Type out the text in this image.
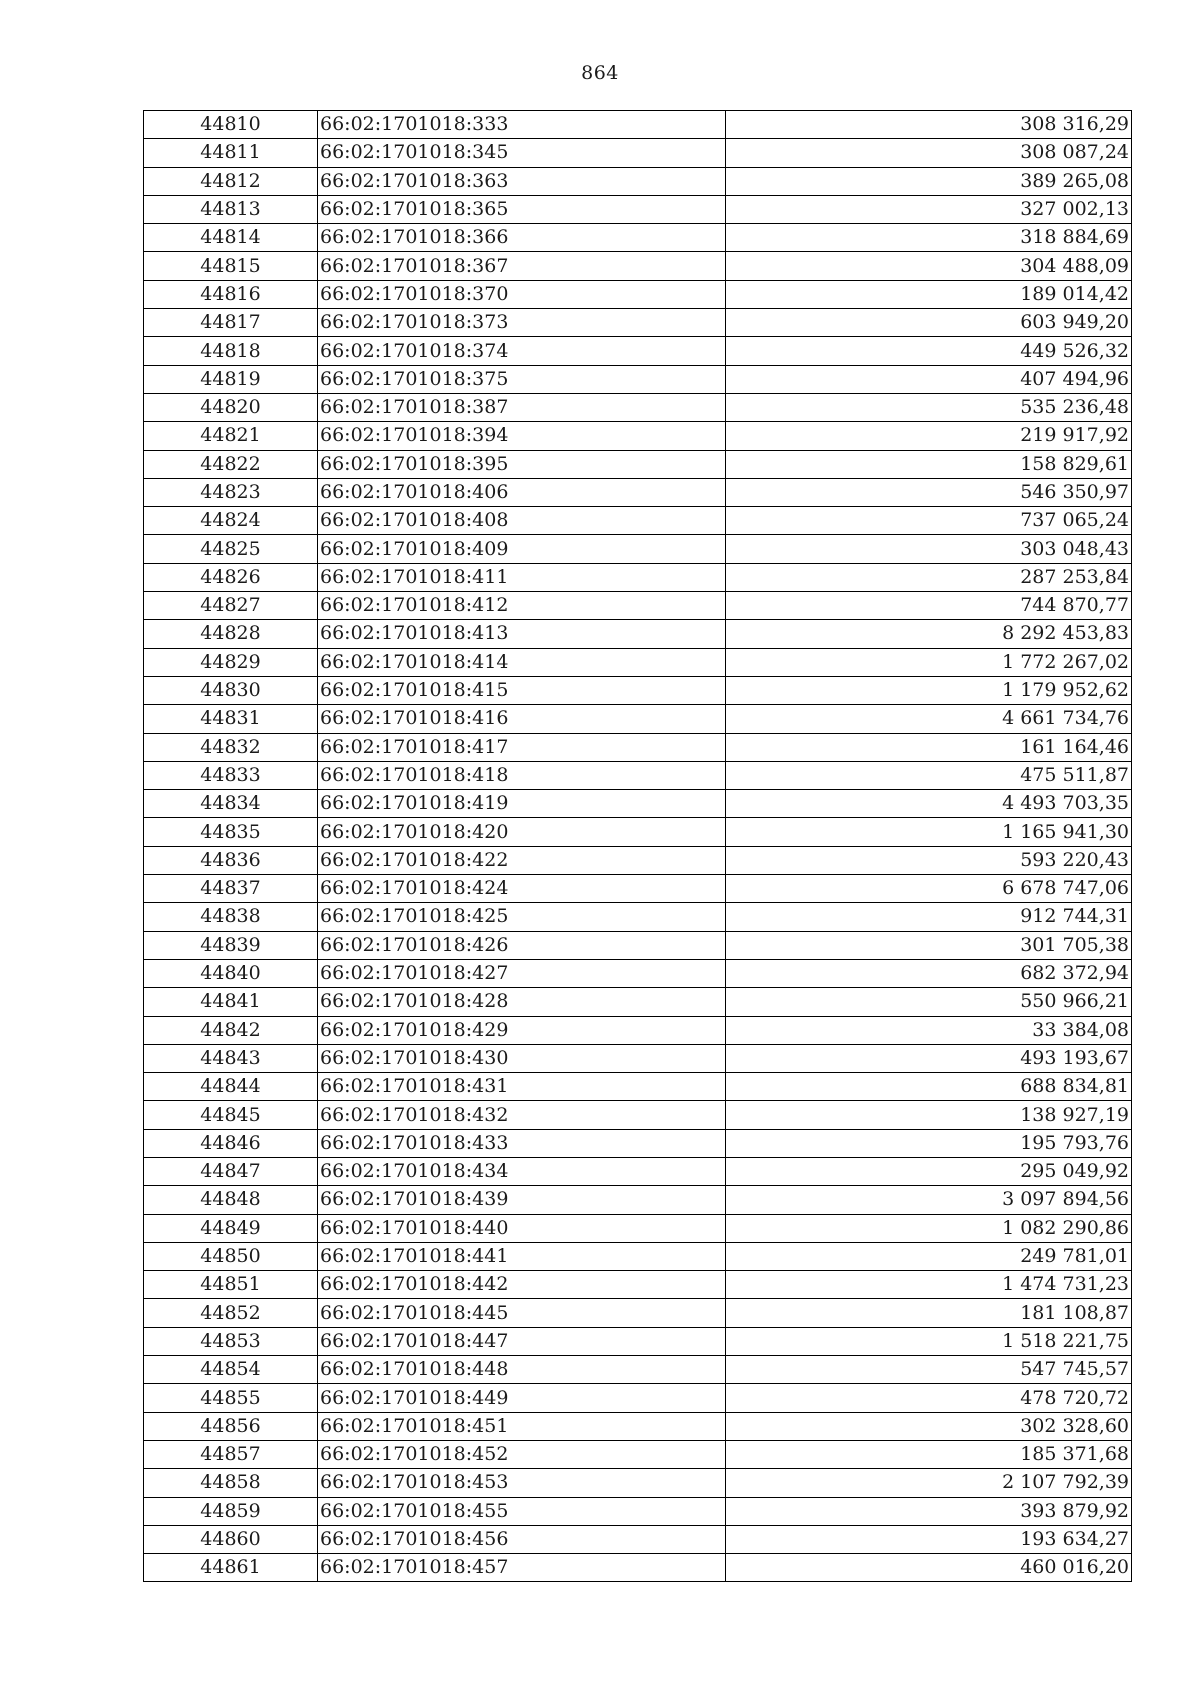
864
44810	66:02:1701018:333	308 316,29
44811	66:02:1701018:345	308 087,24
44812	66:02:1701018:363	389 265,08
44813	66:02:1701018:365	327 002,13
44814	66:02:1701018:366	318 884,69
44815	66:02:1701018:367	304 488,09
44816	66:02:1701018:370	189 014,42
44817	66:02:1701018:373	603 949,20
44818	66:02:1701018:374	449 526,32
44819	66:02:1701018:375	407 494,96
44820	66:02:1701018:387	535 236,48
44821	66:02:1701018:394	219 917,92
44822	66:02:1701018:395	158 829,61
44823	66:02:1701018:406	546 350,97
44824	66:02:1701018:408	737 065,24
44825	66:02:1701018:409	303 048,43
44826	66:02:1701018:411	287 253,84
44827	66:02:1701018:412	744 870,77
44828	66:02:1701018:413	8 292 453,83
44829	66:02:1701018:414	1 772 267,02
44830	66:02:1701018:415	1 179 952,62
44831	66:02:1701018:416	4 661 734,76
44832	66:02:1701018:417	161 164,46
44833	66:02:1701018:418	475 511,87
44834	66:02:1701018:419	4 493 703,35
44835	66:02:1701018:420	1 165 941,30
44836	66:02:1701018:422	593 220,43
44837	66:02:1701018:424	6 678 747,06
44838	66:02:1701018:425	912 744,31
44839	66:02:1701018:426	301 705,38
44840	66:02:1701018:427	682 372,94
44841	66:02:1701018:428	550 966,21
44842	66:02:1701018:429	33 384,08
44843	66:02:1701018:430	493 193,67
44844	66:02:1701018:431	688 834,81
44845	66:02:1701018:432	138 927,19
44846	66:02:1701018:433	195 793,76
44847	66:02:1701018:434	295 049,92
44848	66:02:1701018:439	3 097 894,56
44849	66:02:1701018:440	1 082 290,86
44850	66:02:1701018:441	249 781,01
44851	66:02:1701018:442	1 474 731,23
44852	66:02:1701018:445	181 108,87
44853	66:02:1701018:447	1 518 221,75
44854	66:02:1701018:448	547 745,57
44855	66:02:1701018:449	478 720,72
44856	66:02:1701018:451	302 328,60
44857	66:02:1701018:452	185 371,68
44858	66:02:1701018:453	2 107 792,39
44859	66:02:1701018:455	393 879,92
44860	66:02:1701018:456	193 634,27
44861	66:02:1701018:457	460 016,20
